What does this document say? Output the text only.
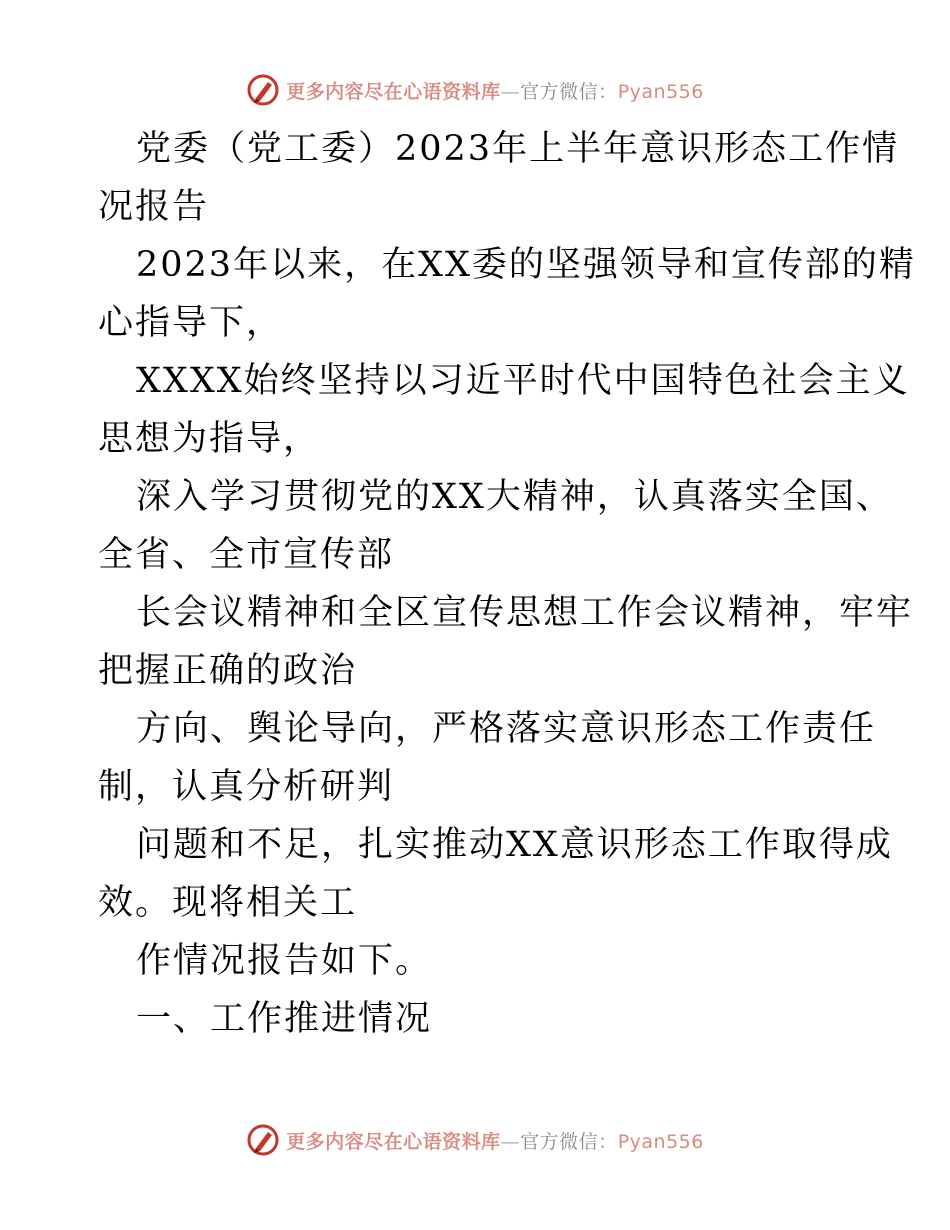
更多内容尽在心语资料库—官方微信：Pyan556

党委（党工委）2023年上半年意识形态工作情
况报告

2023年以来，在XX委的坚强领导和宣传部的精
心指导下，

XXXX始终坚持以习近平时代中国特色社会主义
思想为指导，

深入学习贯彻党的XX大精神，认真落实全国、
全省、全市宣传部

长会议精神和全区宣传思想工作会议精神，牢牢
把握正确的政治

方向、舆论导向，严格落实意识形态工作责任
制，认真分析研判

问题和不足，扎实推动XX意识形态工作取得成
效。现将相关工

作情况报告如下。

一、工作推进情况

更多内容尽在心语资料库—官方微信：Pyan556
